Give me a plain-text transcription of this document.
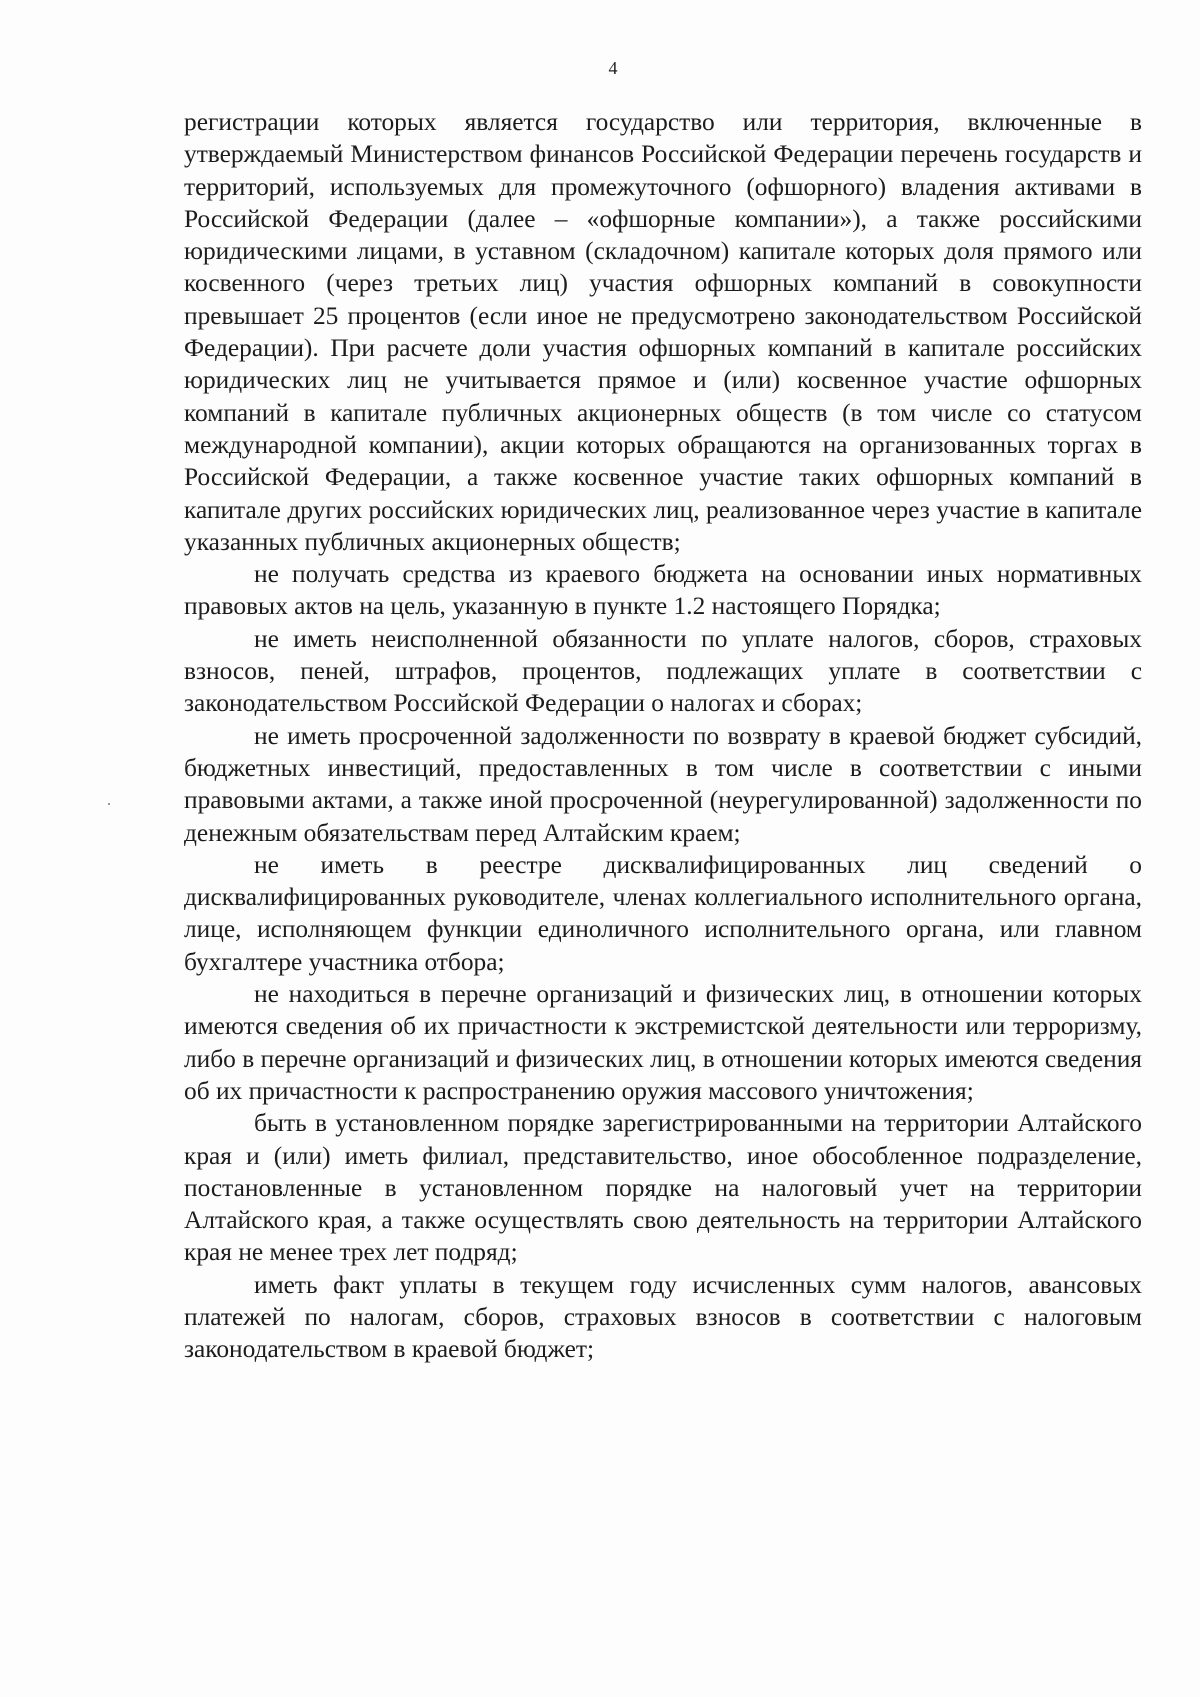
4

регистрации которых является государство или территория, включенные в утверждаемый Министерством финансов Российской Федерации перечень государств и территорий, используемых для промежуточного (офшорного) владения активами в Российской Федерации (далее – «офшорные компании»), а также российскими юридическими лицами, в уставном (складочном) капитале которых доля прямого или косвенного (через третьих лиц) участия офшорных компаний в совокупности превышает 25 процентов (если иное не предусмотрено законодательством Российской Федерации). При расчете доли участия офшорных компаний в капитале российских юридических лиц не учитывается прямое и (или) косвенное участие офшорных компаний в капитале публичных акционерных обществ (в том числе со статусом международной компании), акции которых обращаются на организованных торгах в Российской Федерации, а также косвенное участие таких офшорных компаний в капитале других российских юридических лиц, реализованное через участие в капитале указанных публичных акционерных обществ;

не получать средства из краевого бюджета на основании иных нормативных правовых актов на цель, указанную в пункте 1.2 настоящего Порядка;

не иметь неисполненной обязанности по уплате налогов, сборов, страховых взносов, пеней, штрафов, процентов, подлежащих уплате в соответствии с законодательством Российской Федерации о налогах и сборах;

не иметь просроченной задолженности по возврату в краевой бюджет субсидий, бюджетных инвестиций, предоставленных в том числе в соответствии с иными правовыми актами, а также иной просроченной (неурегулированной) задолженности по денежным обязательствам перед Алтайским краем;

не иметь в реестре дисквалифицированных лиц сведений о дисквалифицированных руководителе, членах коллегиального исполнительного органа, лице, исполняющем функции единоличного исполнительного органа, или главном бухгалтере участника отбора;

не находиться в перечне организаций и физических лиц, в отношении которых имеются сведения об их причастности к экстремистской деятельности или терроризму, либо в перечне организаций и физических лиц, в отношении которых имеются сведения об их причастности к распространению оружия массового уничтожения;

быть в установленном порядке зарегистрированными на территории Алтайского края и (или) иметь филиал, представительство, иное обособленное подразделение, постановленные в установленном порядке на налоговый учет на территории Алтайского края, а также осуществлять свою деятельность на территории Алтайского края не менее трех лет подряд;

иметь факт уплаты в текущем году исчисленных сумм налогов, авансовых платежей по налогам, сборов, страховых взносов в соответствии с налоговым законодательством в краевой бюджет;
